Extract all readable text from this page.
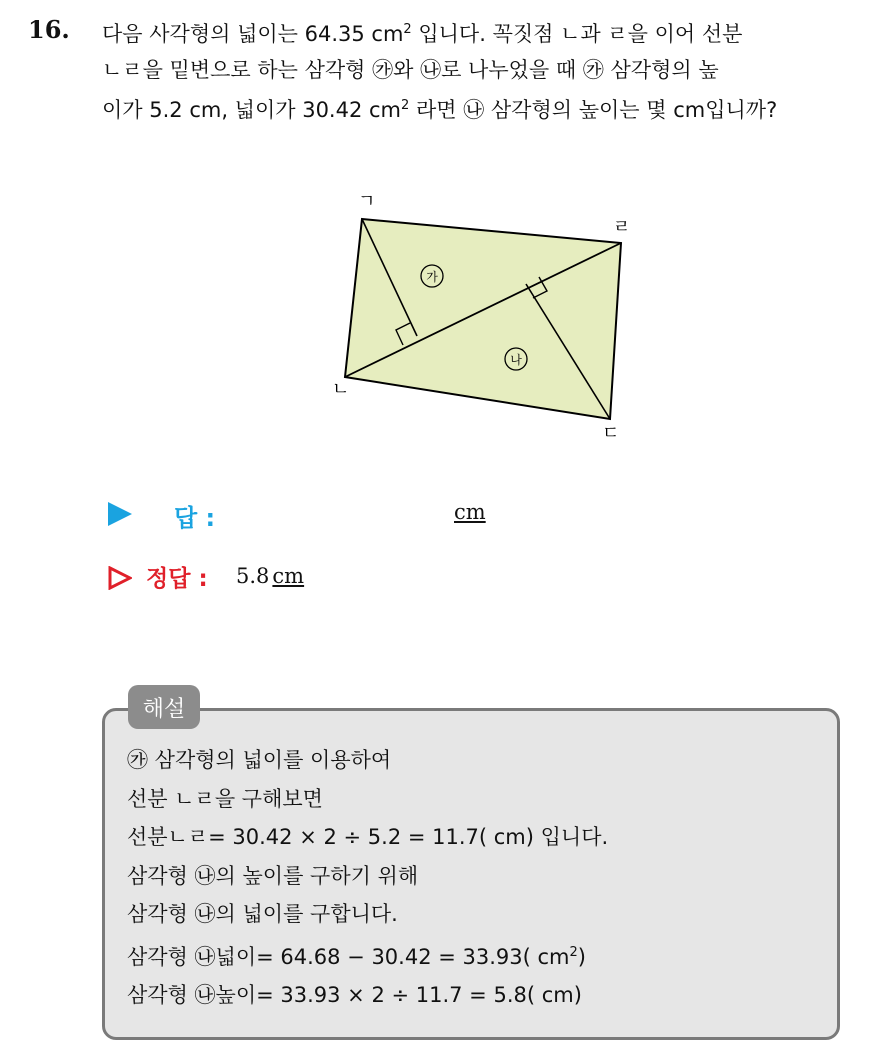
16. 다음 사각형의 넓이는 64.35 $cm^2$ 입니다. 꼭짓점 ㄴ과 ㄹ을 이어 선분
ㄴㄹ을 밑변으로 하는 삼각형 ㉮와 ㉯로 나누었을 때 ㉮ 삼각형의 높
이가 5.2 cm, 넓이가 30.42 $cm^2$ 라면 ㉯ 삼각형의 높이는 몇 cm입니까?
ㄱ
ㄹ
ㄴ
ㄷ
가
나
답 :	cm
정답 : 5.8 cm
㉮ 삼각형의 넓이를 이용하여
선분 ㄴㄹ을 구해보면
선분ㄴㄹ= 30.42 × 2 ÷ 5.2 = 11.7( cm) 입니다.
삼각형 ㉯의 높이를 구하기 위해
삼각형 ㉯의 넓이를 구합니다.
삼각형 ㉯넓이= 64.68 − 30.42 = 33.93( $cm^2$)
삼각형 ㉯높이= 33.93 × 2 ÷ 11.7 = 5.8( cm)
해설
